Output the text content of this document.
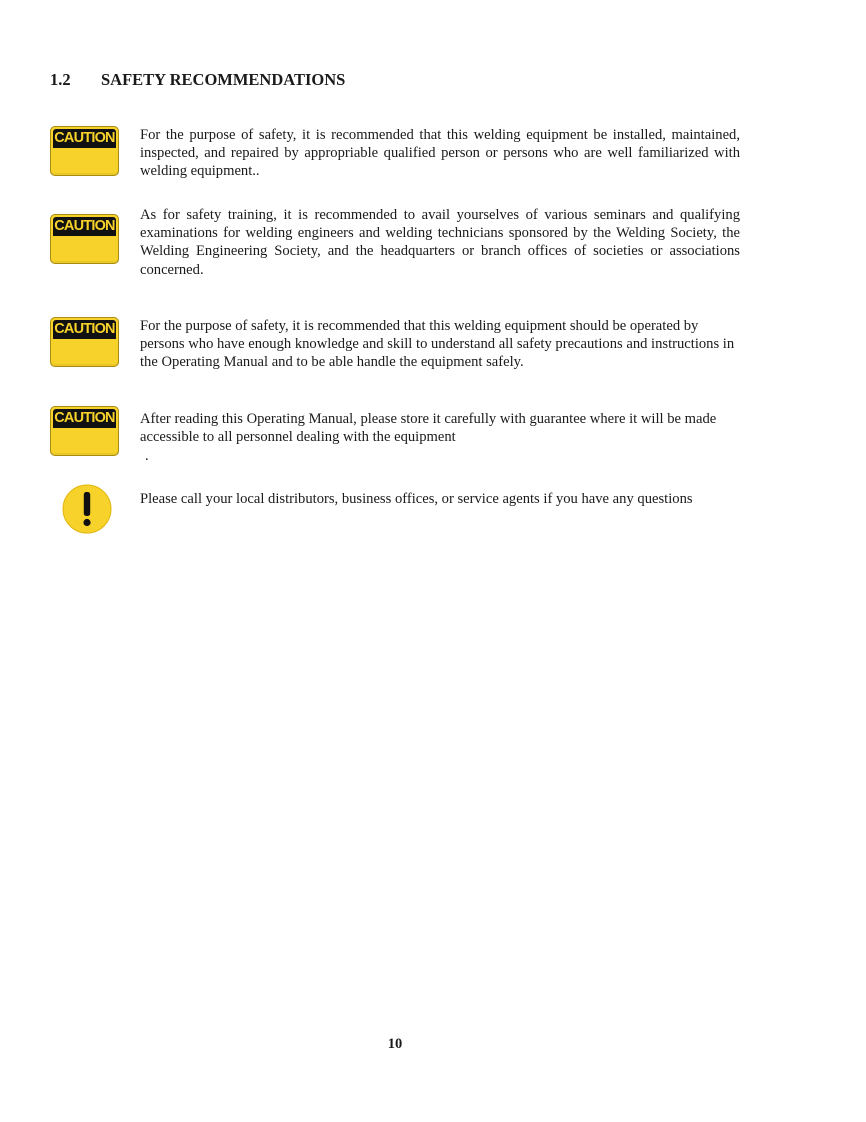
1.2 SAFETY RECOMMENDATIONS
CAUTION For the purpose of safety, it is recommended that this welding equipment be installed, maintained, inspected, and repaired by appropriable qualified person or persons who are well familiarized with welding equipment..
CAUTION
As for safety training, it is recommended to avail yourselves of various seminars and qualifying examinations for welding engineers and welding technicians sponsored by the Welding Society, the Welding Engineering Society, and the headquarters or branch offices of societies or associations concerned.
CAUTION For the purpose of safety, it is recommended that this welding equipment should be operated by persons who have enough knowledge and skill to understand all safety precautions and instructions in the Operating Manual and to be able handle the equipment safely.
CAUTION After reading this Operating Manual, please store it carefully with guarantee where it will be made accessible to all personnel dealing with the equipment
.
Please call your local distributors, business offices, or service agents if you have any questions
10
